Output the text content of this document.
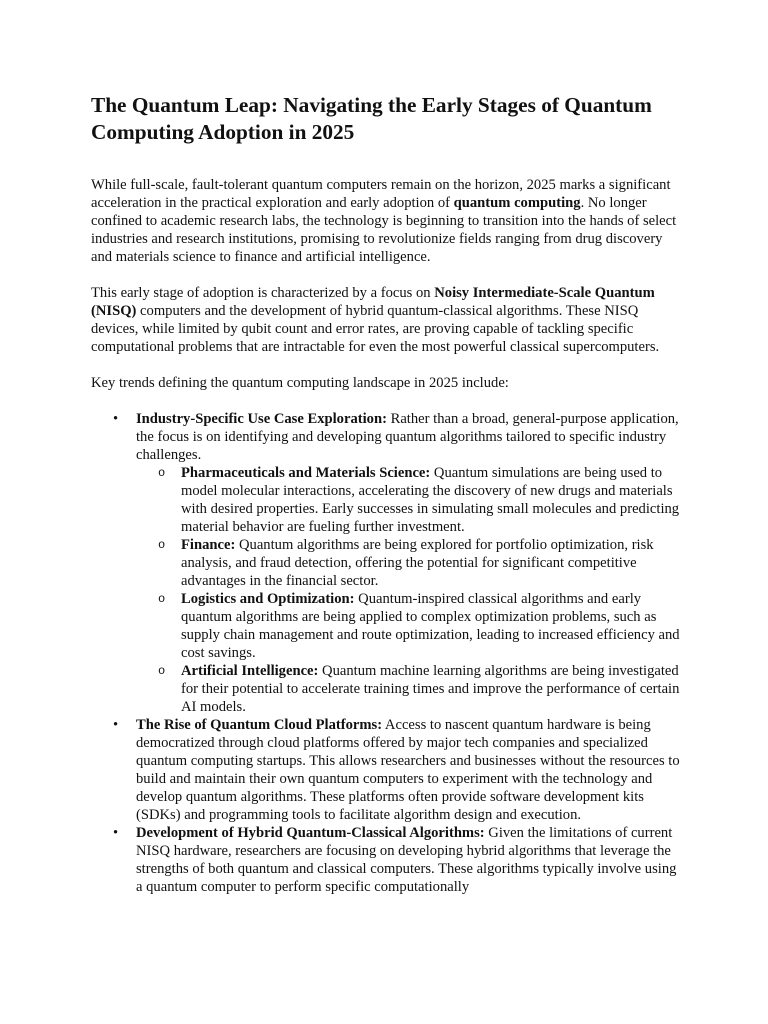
The Quantum Leap: Navigating the Early Stages of Quantum Computing Adoption in 2025

While full-scale, fault-tolerant quantum computers remain on the horizon, 2025 marks a significant acceleration in the practical exploration and early adoption of quantum computing. No longer confined to academic research labs, the technology is beginning to transition into the hands of select industries and research institutions, promising to revolutionize fields ranging from drug discovery and materials science to finance and artificial intelligence.

This early stage of adoption is characterized by a focus on Noisy Intermediate-Scale Quantum (NISQ) computers and the development of hybrid quantum-classical algorithms. These NISQ devices, while limited by qubit count and error rates, are proving capable of tackling specific computational problems that are intractable for even the most powerful classical supercomputers.

Key trends defining the quantum computing landscape in 2025 include:

• Industry-Specific Use Case Exploration: Rather than a broad, general-purpose application, the focus is on identifying and developing quantum algorithms tailored to specific industry challenges.
o Pharmaceuticals and Materials Science: Quantum simulations are being used to model molecular interactions, accelerating the discovery of new drugs and materials with desired properties. Early successes in simulating small molecules and predicting material behavior are fueling further investment.
o Finance: Quantum algorithms are being explored for portfolio optimization, risk analysis, and fraud detection, offering the potential for significant competitive advantages in the financial sector.
o Logistics and Optimization: Quantum-inspired classical algorithms and early quantum algorithms are being applied to complex optimization problems, such as supply chain management and route optimization, leading to increased efficiency and cost savings.
o Artificial Intelligence: Quantum machine learning algorithms are being investigated for their potential to accelerate training times and improve the performance of certain AI models.
• The Rise of Quantum Cloud Platforms: Access to nascent quantum hardware is being democratized through cloud platforms offered by major tech companies and specialized quantum computing startups. This allows researchers and businesses without the resources to build and maintain their own quantum computers to experiment with the technology and develop quantum algorithms. These platforms often provide software development kits (SDKs) and programming tools to facilitate algorithm design and execution.
• Development of Hybrid Quantum-Classical Algorithms: Given the limitations of current NISQ hardware, researchers are focusing on developing hybrid algorithms that leverage the strengths of both quantum and classical computers. These algorithms typically involve using a quantum computer to perform specific computationally
